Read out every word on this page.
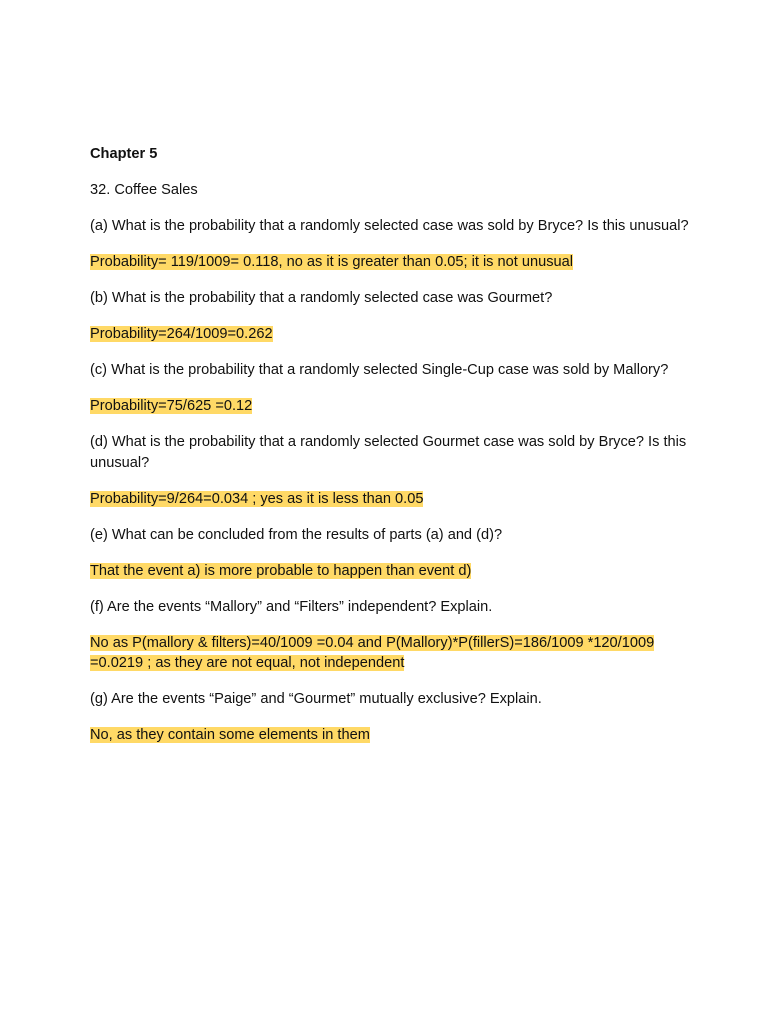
Chapter 5

32. Coffee Sales

(a) What is the probability that a randomly selected case was sold by Bryce? Is this unusual?

Probability= 119/1009= 0.118, no as it is greater than 0.05; it is not unusual

(b) What is the probability that a randomly selected case was Gourmet?

Probability=264/1009=0.262

(c) What is the probability that a randomly selected Single-Cup case was sold by Mallory?

Probability=75/625 =0.12

(d) What is the probability that a randomly selected Gourmet case was sold by Bryce? Is this unusual?

Probability=9/264=0.034 ; yes as it is less than 0.05

(e) What can be concluded from the results of parts (a) and (d)?

That the event a) is more probable to happen than event d)

(f) Are the events “Mallory” and “Filters” independent? Explain.

No as P(mallory & filters)=40/1009 =0.04 and P(Mallory)*P(fillerS)=186/1009 *120/1009 =0.0219 ; as they are not equal, not independent

(g) Are the events “Paige” and “Gourmet” mutually exclusive? Explain.

No, as they contain some elements in them
